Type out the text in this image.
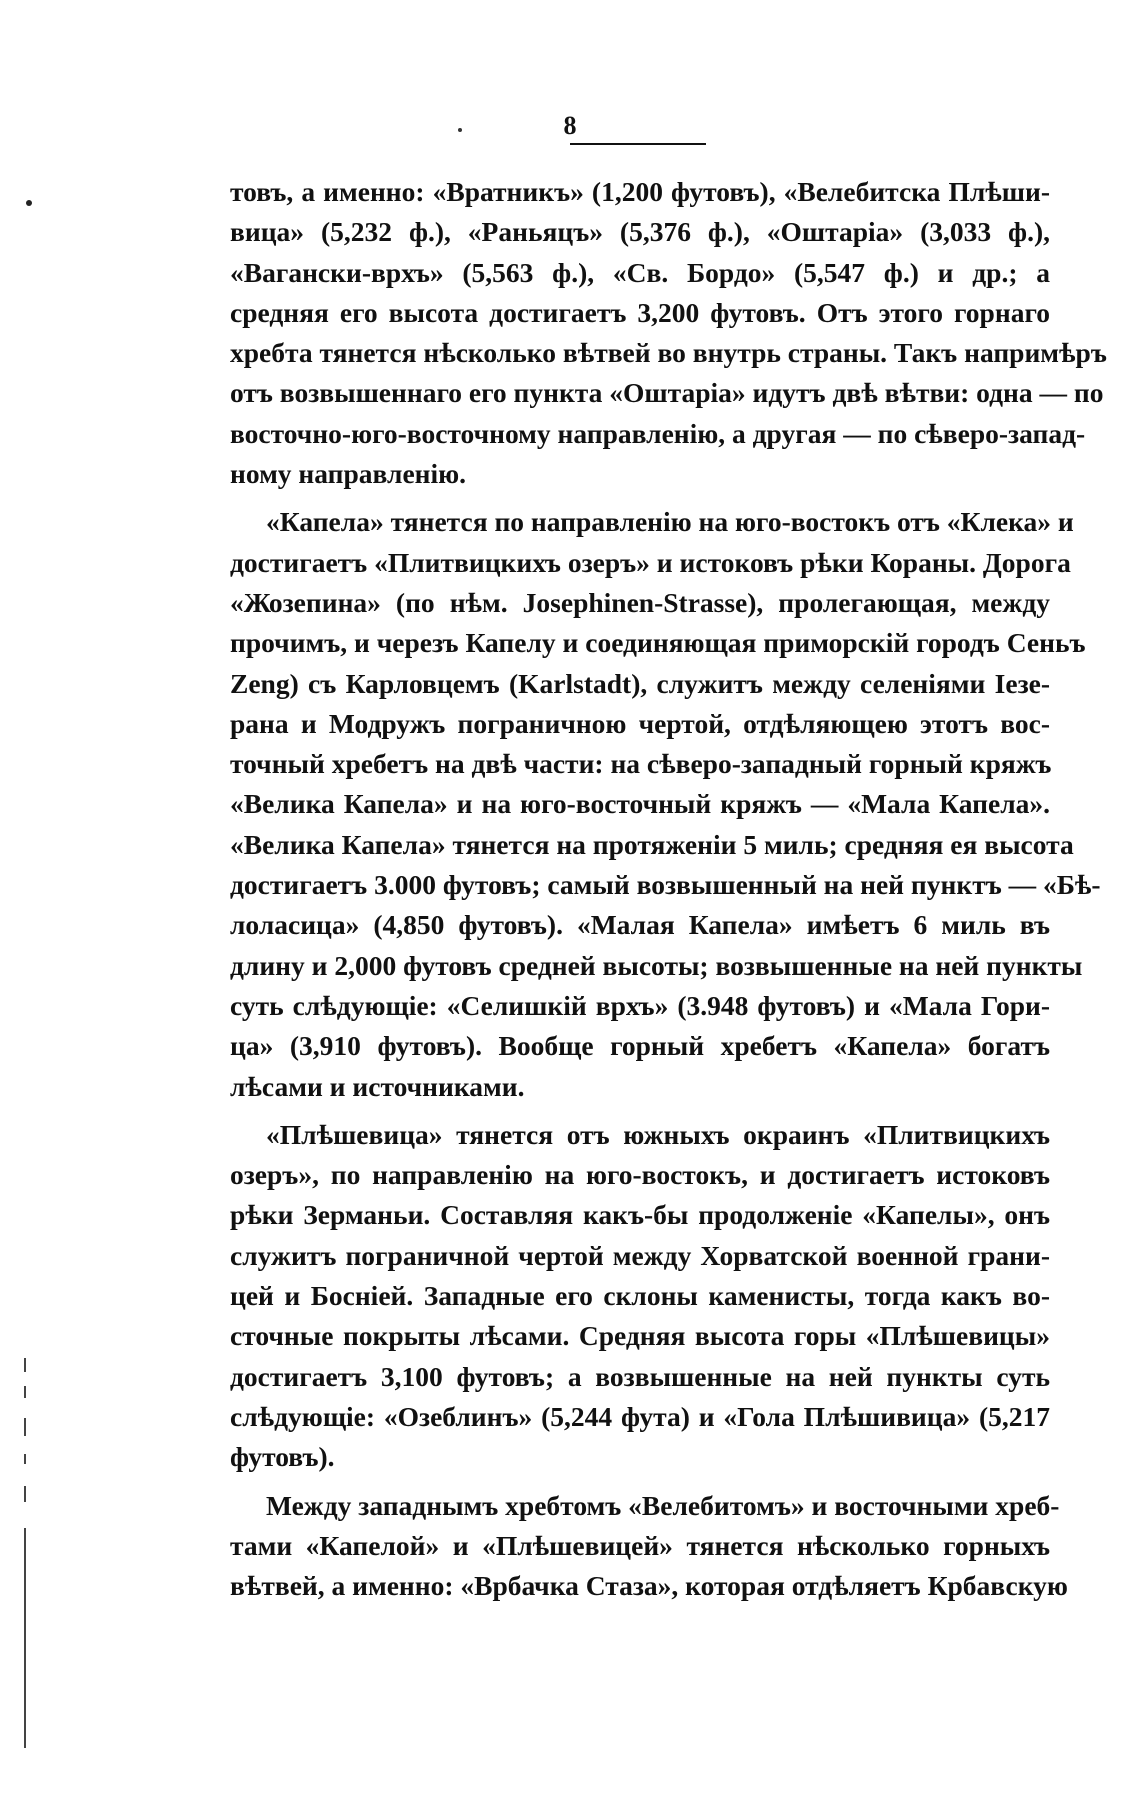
8
товъ, а именно: «Вратникъ» (1,200 футовъ), «Велебитска Плѣши-
вица» (5,232 ф.), «Раньяцъ» (5,376 ф.), «Оштаріа» (3,033 ф.),
«Вагански-врхъ» (5,563 ф.), «Св. Бордо» (5,547 ф.) и др.; а
средняя его высота достигаетъ 3,200 футовъ. Отъ этого горнаго
хребта тянется нѣсколько вѣтвей во внутрь страны. Такъ напримѣръ
отъ возвышеннаго его пункта «Оштаріа» идутъ двѣ вѣтви: одна — по
восточно-юго-восточному направленію, а другая — по сѣверо-запад-
ному направленію.
«Капела» тянется по направленію на юго-востокъ отъ «Клека» и
достигаетъ «Плитвицкихъ озеръ» и истоковъ рѣки Кораны. Дорога
«Жозепина» (по нѣм. Josephinen-Strasse), пролегающая, между
прочимъ, и черезъ Капелу и соединяющая приморскій городъ Сеньъ
Zeng) съ Карловцемъ (Karlstadt), служитъ между селеніями Іезе-
рана и Модружъ пограничною чертой, отдѣляющею этотъ вос-
точный хребетъ на двѣ части: на сѣверо-западный горный кряжъ
«Велика Капела» и на юго-восточный кряжъ — «Мала Капела».
«Велика Капела» тянется на протяженіи 5 миль; средняя ея высота
достигаетъ 3.000 футовъ; самый возвышенный на ней пунктъ — «Бѣ-
лоласица» (4,850 футовъ). «Малая Капела» имѣетъ 6 миль въ
длину и 2,000 футовъ средней высоты; возвышенные на ней пункты
суть слѣдующіе: «Селишкій врхъ» (3.948 футовъ) и «Мала Гори-
ца» (3,910 футовъ). Вообще горный хребетъ «Капела» богатъ
лѣсами и источниками.
«Плѣшевица» тянется отъ южныхъ окраинъ «Плитвицкихъ
озеръ», по направленію на юго-востокъ, и достигаетъ истоковъ
рѣки Зерманьи. Составляя какъ-бы продолженіе «Капелы», онъ
служитъ пограничной чертой между Хорватской военной грани-
цей и Босніей. Западные его склоны каменисты, тогда какъ во-
сточные покрыты лѣсами. Средняя высота горы «Плѣшевицы»
достигаетъ 3,100 футовъ; а возвышенные на ней пункты суть
слѣдующіе: «Озеблинъ» (5,244 фута) и «Гола Плѣшивица» (5,217
футовъ).
Между западнымъ хребтомъ «Велебитомъ» и восточными хреб-
тами «Капелой» и «Плѣшевицей» тянется нѣсколько горныхъ
вѣтвей, а именно: «Врбачка Стаза», которая отдѣляетъ Крбавскую
